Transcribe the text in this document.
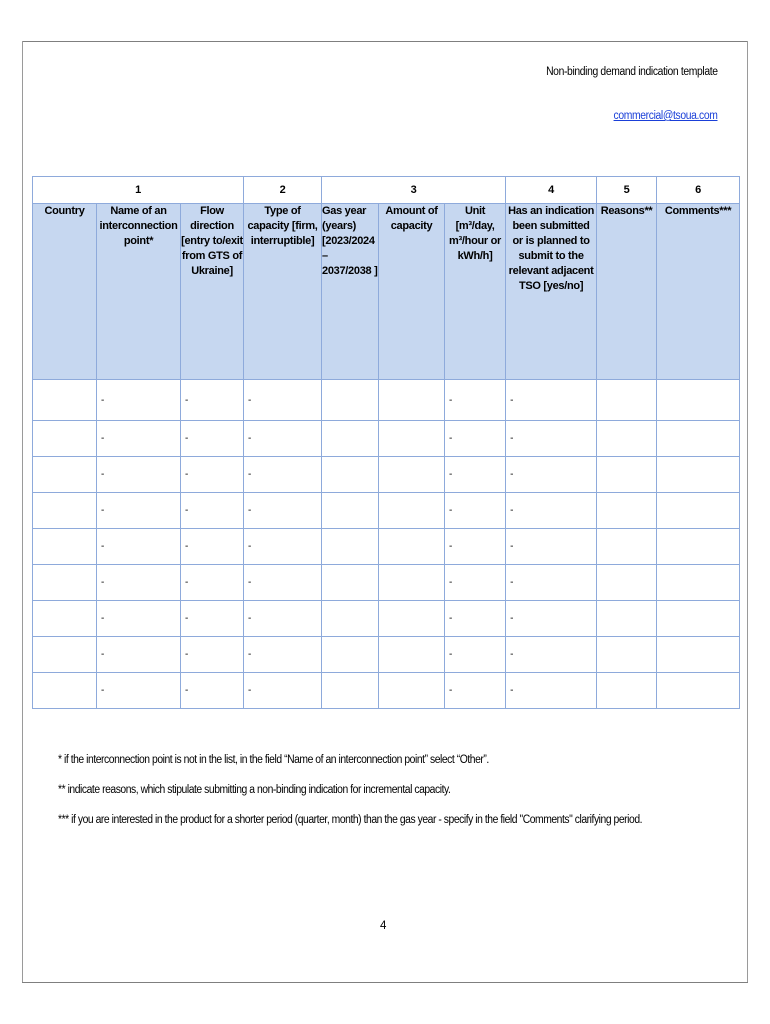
Non-binding demand indication template
commercial@tsoua.com
1			2	3			4	5	6
Country	Name of an interconnection point*	Flow direction [entry to/exit from GTS of Ukraine]	Type of capacity [firm, interruptible]	Gas year (years) [2023/2024 – 2037/2038 ]	Amount of capacity	Unit [m³/day, m³/hour or kWh/h]	Has an indication been submitted or is planned to submit to the relevant adjacent TSO [yes/no]	Reasons**	Comments***
	-	-	-			-	-		
	-	-	-			-	-		
	-	-	-			-	-		
	-	-	-			-	-		
	-	-	-			-	-		
	-	-	-			-	-		
	-	-	-			-	-		
	-	-	-			-	-		
	-	-	-			-	-		

* if the interconnection point is not in the list, in the field “Name of an interconnection point” select “Other”.

** indicate reasons, which stipulate submitting a non-binding indication for incremental capacity.

*** if you are interested in the product for a shorter period (quarter, month) than the gas year - specify in the field "Comments" clarifying period.

4
